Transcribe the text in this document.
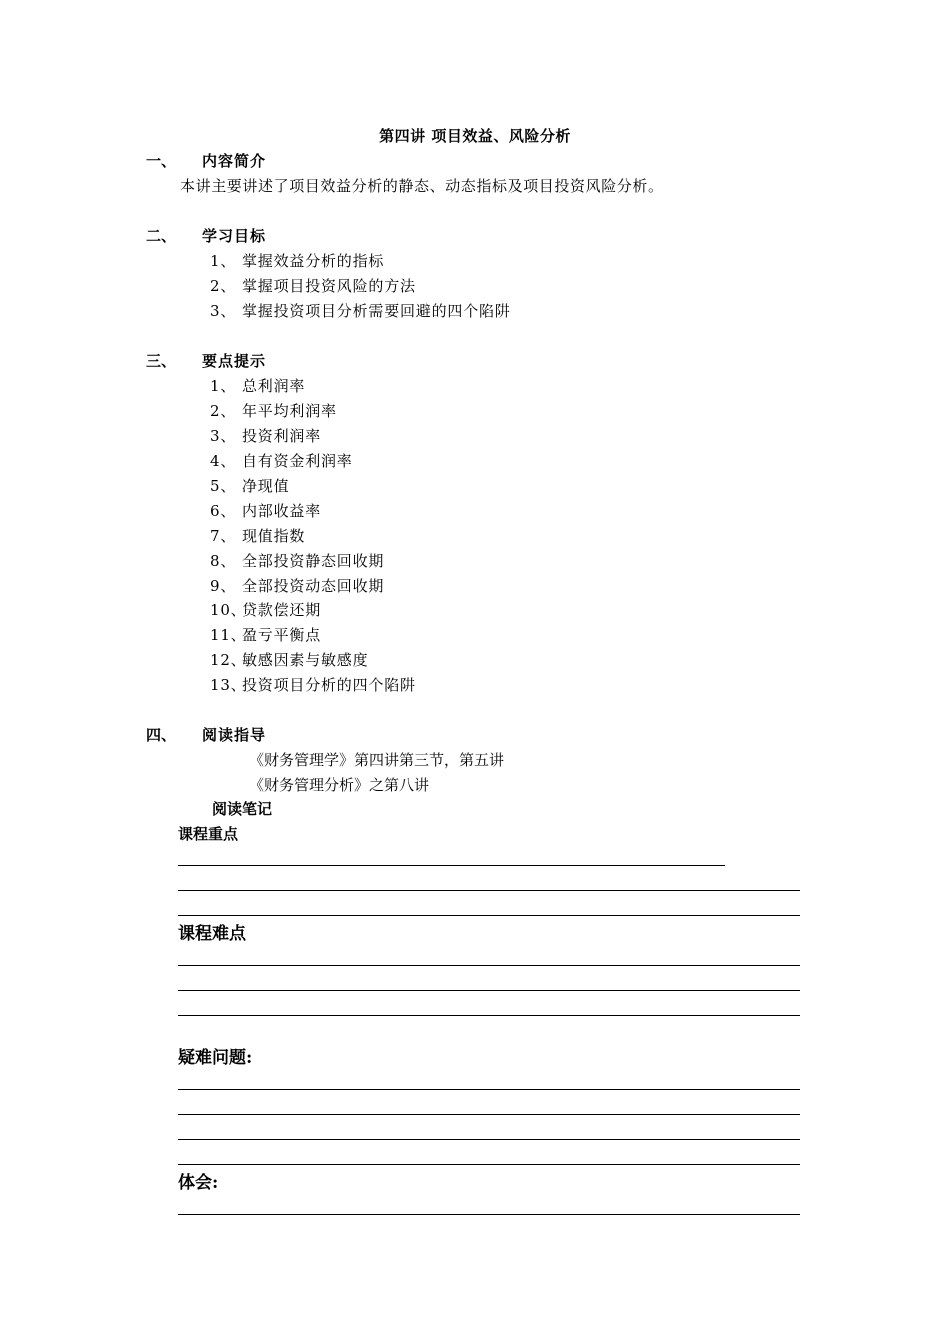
第四讲 项目效益、风险分析
一、 内容简介
本讲主要讲述了项目效益分析的静态、动态指标及项目投资风险分析。
二、 学习目标
1、 掌握效益分析的指标
2、 掌握项目投资风险的方法
3、 掌握投资项目分析需要回避的四个陷阱
三、 要点提示
1、 总利润率
2、 年平均利润率
3、 投资利润率
4、 自有资金利润率
5、 净现值
6、 内部收益率
7、 现值指数
8、 全部投资静态回收期
9、 全部投资动态回收期
10、贷款偿还期
11、盈亏平衡点
12、敏感因素与敏感度
13、投资项目分析的四个陷阱
四、 阅读指导
《财务管理学》第四讲第三节，第五讲
《财务管理分析》之第八讲
阅读笔记
课程重点
课程难点
疑难问题:
体会:
